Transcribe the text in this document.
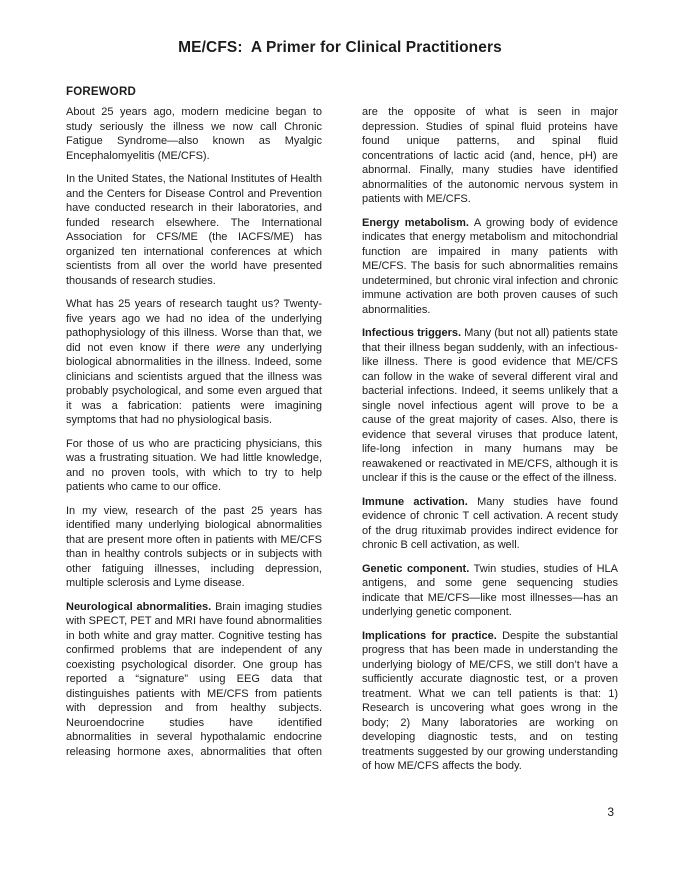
ME/CFS:  A Primer for Clinical Practitioners
FOREWORD

About 25 years ago, modern medicine began to study seriously the illness we now call Chronic Fatigue Syndrome—also known as Myalgic Encephalomyelitis (ME/CFS).

In the United States, the National Institutes of Health and the Centers for Disease Control and Prevention have conducted research in their laboratories, and funded research elsewhere. The International Association for CFS/ME (the IACFS/ME) has organized ten international conferences at which scientists from all over the world have presented thousands of research studies.

What has 25 years of research taught us? Twenty-five years ago we had no idea of the underlying pathophysiology of this illness. Worse than that, we did not even know if there were any underlying biological abnormalities in the illness. Indeed, some clinicians and scientists argued that the illness was probably psychological, and some even argued that it was a fabrication: patients were imagining symptoms that had no physiological basis.

For those of us who are practicing physicians, this was a frustrating situation. We had little knowledge, and no proven tools, with which to try to help patients who came to our office.

In my view, research of the past 25 years has identified many underlying biological abnormalities that are present more often in patients with ME/CFS than in healthy controls subjects or in subjects with other fatiguing illnesses, including depression, multiple sclerosis and Lyme disease.

Neurological abnormalities. Brain imaging studies with SPECT, PET and MRI have found abnormalities in both white and gray matter. Cognitive testing has confirmed problems that are independent of any coexisting psychological disorder. One group has reported a “signature” using EEG data that distinguishes patients with ME/CFS from patients with depression and from healthy subjects. Neuroendocrine studies have identified abnormalities in several hypothalamic endocrine releasing hormone axes, abnormalities that often

are the opposite of what is seen in major depression. Studies of spinal fluid proteins have found unique patterns, and spinal fluid concentrations of lactic acid (and, hence, pH) are abnormal. Finally, many studies have identified abnormalities of the autonomic nervous system in patients with ME/CFS.

Energy metabolism. A growing body of evidence indicates that energy metabolism and mitochondrial function are impaired in many patients with ME/CFS. The basis for such abnormalities remains undetermined, but chronic viral infection and chronic immune activation are both proven causes of such abnormalities.

Infectious triggers. Many (but not all) patients state that their illness began suddenly, with an infectious-like illness. There is good evidence that ME/CFS can follow in the wake of several different viral and bacterial infections. Indeed, it seems unlikely that a single novel infectious agent will prove to be a cause of the great majority of cases. Also, there is evidence that several viruses that produce latent, life-long infection in many humans may be reawakened or reactivated in ME/CFS, although it is unclear if this is the cause or the effect of the illness.

Immune activation. Many studies have found evidence of chronic T cell activation. A recent study of the drug rituximab provides indirect evidence for chronic B cell activation, as well.

Genetic component. Twin studies, studies of HLA antigens, and some gene sequencing studies indicate that ME/CFS—like most illnesses—has an underlying genetic component.

Implications for practice. Despite the substantial progress that has been made in understanding the underlying biology of ME/CFS, we still don’t have a sufficiently accurate diagnostic test, or a proven treatment. What we can tell patients is that: 1) Research is uncovering what goes wrong in the body; 2) Many laboratories are working on developing diagnostic tests, and on testing treatments suggested by our growing understanding of how ME/CFS affects the body.

3
